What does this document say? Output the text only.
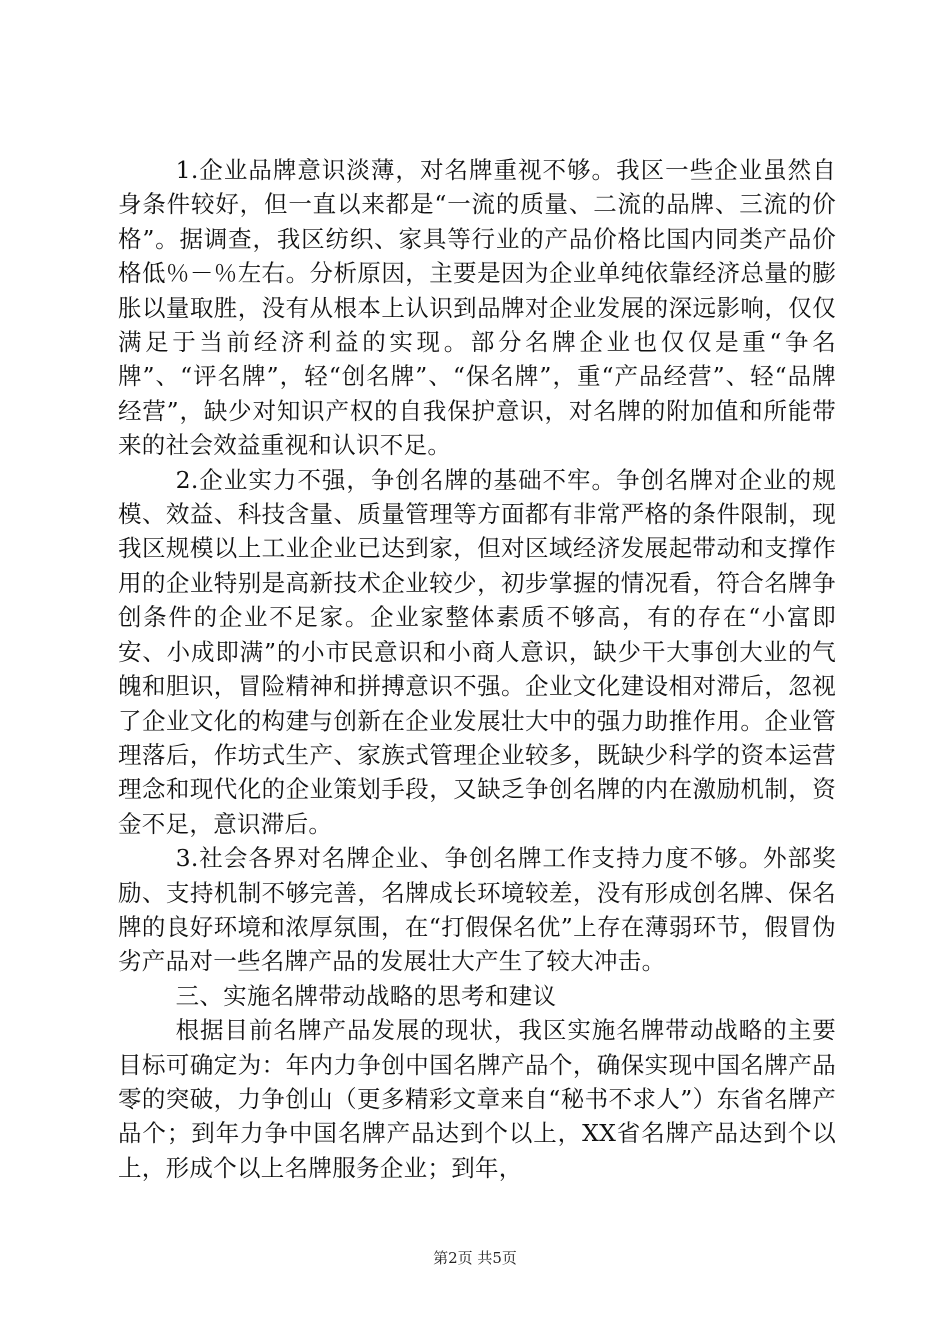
1.企业品牌意识淡薄，对名牌重视不够。我区一些企业虽然自身条件较好，但一直以来都是“一流的质量、二流的品牌、三流的价格”。据调查，我区纺织、家具等行业的产品价格比国内同类产品价格低％－％左右。分析原因，主要是因为企业单纯依靠经济总量的膨胀以量取胜，没有从根本上认识到品牌对企业发展的深远影响，仅仅满足于当前经济利益的实现。部分名牌企业也仅仅是重“争名牌”、“评名牌”，轻“创名牌”、“保名牌”，重“产品经营”、轻“品牌经营”，缺少对知识产权的自我保护意识，对名牌的附加值和所能带来的社会效益重视和认识不足。

2.企业实力不强，争创名牌的基础不牢。争创名牌对企业的规模、效益、科技含量、质量管理等方面都有非常严格的条件限制，现我区规模以上工业企业已达到家，但对区域经济发展起带动和支撑作用的企业特别是高新技术企业较少，初步掌握的情况看，符合名牌争创条件的企业不足家。企业家整体素质不够高，有的存在“小富即安、小成即满”的小市民意识和小商人意识，缺少干大事创大业的气魄和胆识，冒险精神和拼搏意识不强。企业文化建设相对滞后，忽视了企业文化的构建与创新在企业发展壮大中的强力助推作用。企业管理落后，作坊式生产、家族式管理企业较多，既缺少科学的资本运营理念和现代化的企业策划手段，又缺乏争创名牌的内在激励机制，资金不足，意识滞后。

3.社会各界对名牌企业、争创名牌工作支持力度不够。外部奖励、支持机制不够完善，名牌成长环境较差，没有形成创名牌、保名牌的良好环境和浓厚氛围，在“打假保名优”上存在薄弱环节，假冒伪劣产品对一些名牌产品的发展壮大产生了较大冲击。

三、实施名牌带动战略的思考和建议

根据目前名牌产品发展的现状，我区实施名牌带动战略的主要目标可确定为：年内力争创中国名牌产品个，确保实现中国名牌产品零的突破，力争创山（更多精彩文章来自“秘书不求人”）东省名牌产品个；到年力争中国名牌产品达到个以上，XX省名牌产品达到个以上，形成个以上名牌服务企业；到年，

第2页 共5页
